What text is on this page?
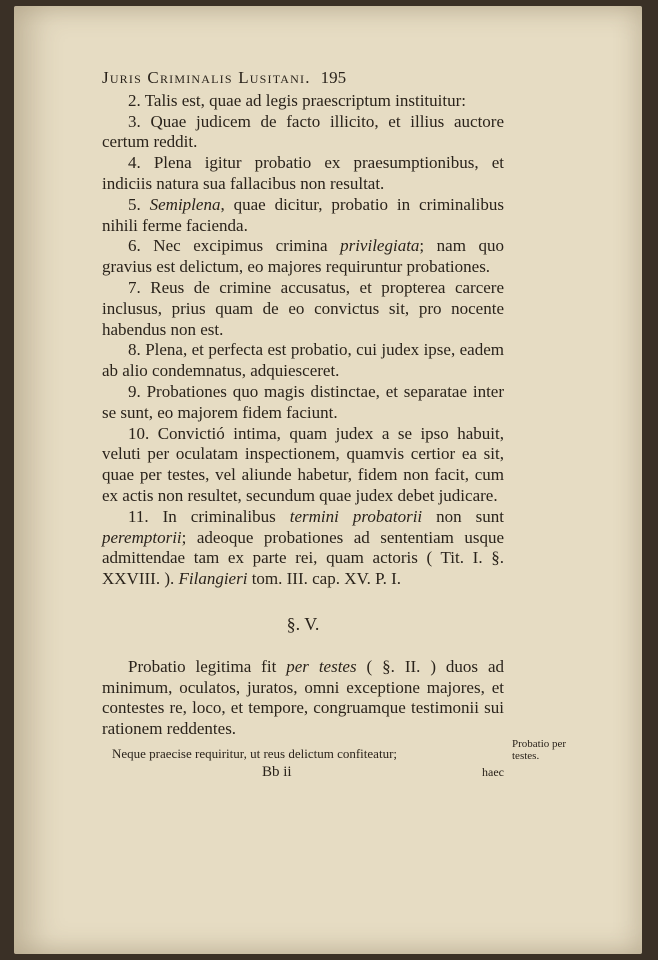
Juris Criminalis Lusitani. 195

2. Talis est, quae ad legis praescriptum instituitur:

3. Quae judicem de facto illicito, et illius auctore certum reddit.

4. Plena igitur probatio ex praesumptionibus, et indiciis natura sua fallacibus non resultat.

5. Semiplena, quae dicitur, probatio in criminalibus nihili ferme facienda.

6. Nec excipimus crimina privilegiata; nam quo gravius est delictum, eo majores requiruntur probationes.

7. Reus de crimine accusatus, et propterea carcere inclusus, prius quam de eo convictus sit, pro nocente habendus non est.

8. Plena, et perfecta est probatio, cui judex ipse, eadem ab alio condemnatus, adquiesceret.

9. Probationes quo magis distinctae, et separatae inter se sunt, eo majorem fidem faciunt.

10. Convictió intima, quam judex a se ipso habuit, veluti per oculatam inspectionem, quamvis certior ea sit, quae per testes, vel aliunde habetur, fidem non facit, cum ex actis non resultet, secundum quae judex debet judicare.

11. In criminalibus termini probatorii non sunt peremptorii; adeoque probationes ad sententiam usque admittendae tam ex parte rei, quam actoris ( Tit. I. §. XXVIII. ). Filangieri tom. III. cap. XV. P. I.

§. V.

Probatio legitima fit per testes ( §. II. ) duos ad minimum, oculatos, juratos, omni exceptione majores, et contestes re, loco, et tempore, congruamque testimonii sui rationem reddentes.

Neque praecise requiritur, ut reus delictum confiteatur;

Bb ii	haec
Probatio per testes.
